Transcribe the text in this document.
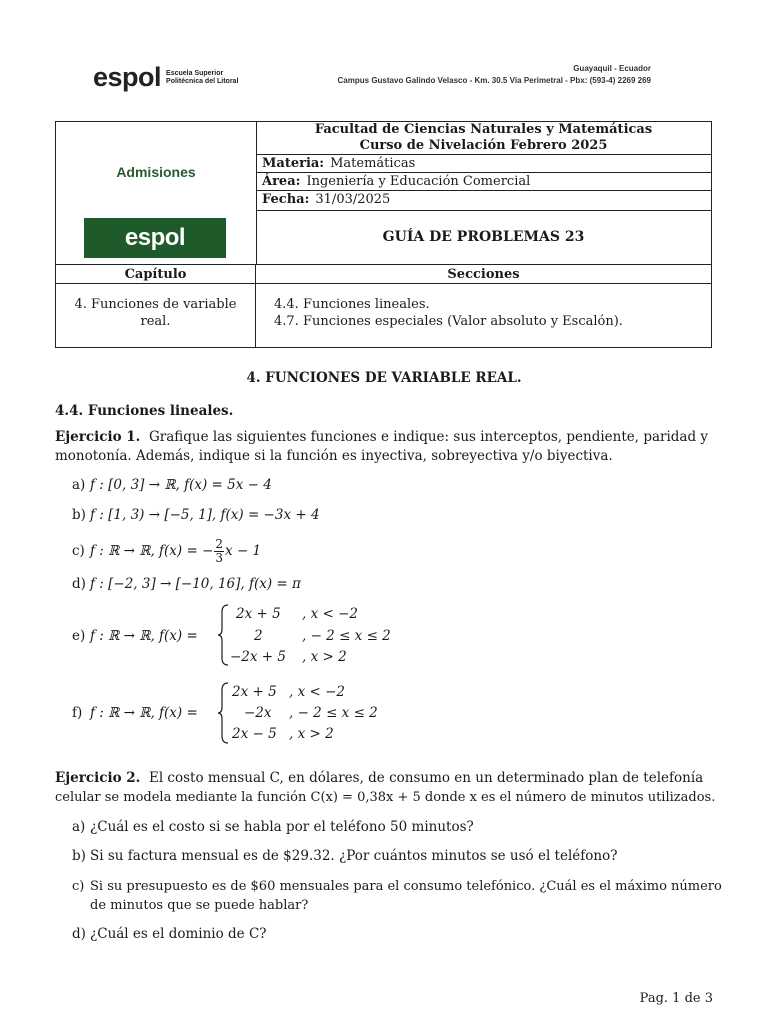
espol Escuela Superior
Politécnica del Litoral
Guayaquil - Ecuador
Campus Gustavo Galindo Velasco - Km. 30.5 Vía Perimetral - Pbx: (593-4) 2269 269
Admisiones
espol
Facultad de Ciencias Naturales y Matemáticas
Curso de Nivelación Febrero 2025
Materia: Matemáticas
Área: Ingeniería y Educación Comercial
Fecha: 31/03/2025
GUÍA DE PROBLEMAS 23
Capítulo	Secciones
4. Funciones de variable
real.
4.4. Funciones lineales.
4.7. Funciones especiales (Valor absoluto y Escalón).
4. FUNCIONES DE VARIABLE REAL.
4.4. Funciones lineales.
Ejercicio 1. Grafique las siguientes funciones e indique: sus interceptos, pendiente, paridad y
monotonía. Además, indique si la función es inyectiva, sobreyectiva y/o biyectiva.
a) f : [0, 3] → ℝ, f(x) = 5x − 4
b) f : [1, 3) → [−5, 1], f(x) = −3x + 4
c) f : ℝ → ℝ, f(x) = − $\frac{2}{3}$ x − 1
d) f : [−2, 3] → [−10, 16], f(x) = π
e) f : ℝ → ℝ, f(x) =
2x + 5 , x < −2
2	, − 2 ≤ x ≤ 2
−2x + 5 , x > 2
f) f : ℝ → ℝ, f(x) =
2x + 5 , x < −2
−2x , − 2 ≤ x ≤ 2
2x − 5 , x > 2
Ejercicio 2. El costo mensual C, en dólares, de consumo en un determinado plan de telefonía
celular se modela mediante la función C(x) = 0,38x + 5 donde x es el número de minutos utilizados.
a) ¿Cuál es el costo si se habla por el teléfono 50 minutos?
b) Si su factura mensual es de $29.32. ¿Por cuántos minutos se usó el teléfono?
c) Si su presupuesto es de $60 mensuales para el consumo telefónico. ¿Cuál es el máximo número
de minutos que se puede hablar?
d) ¿Cuál es el dominio de C?
Pag. 1 de 3
